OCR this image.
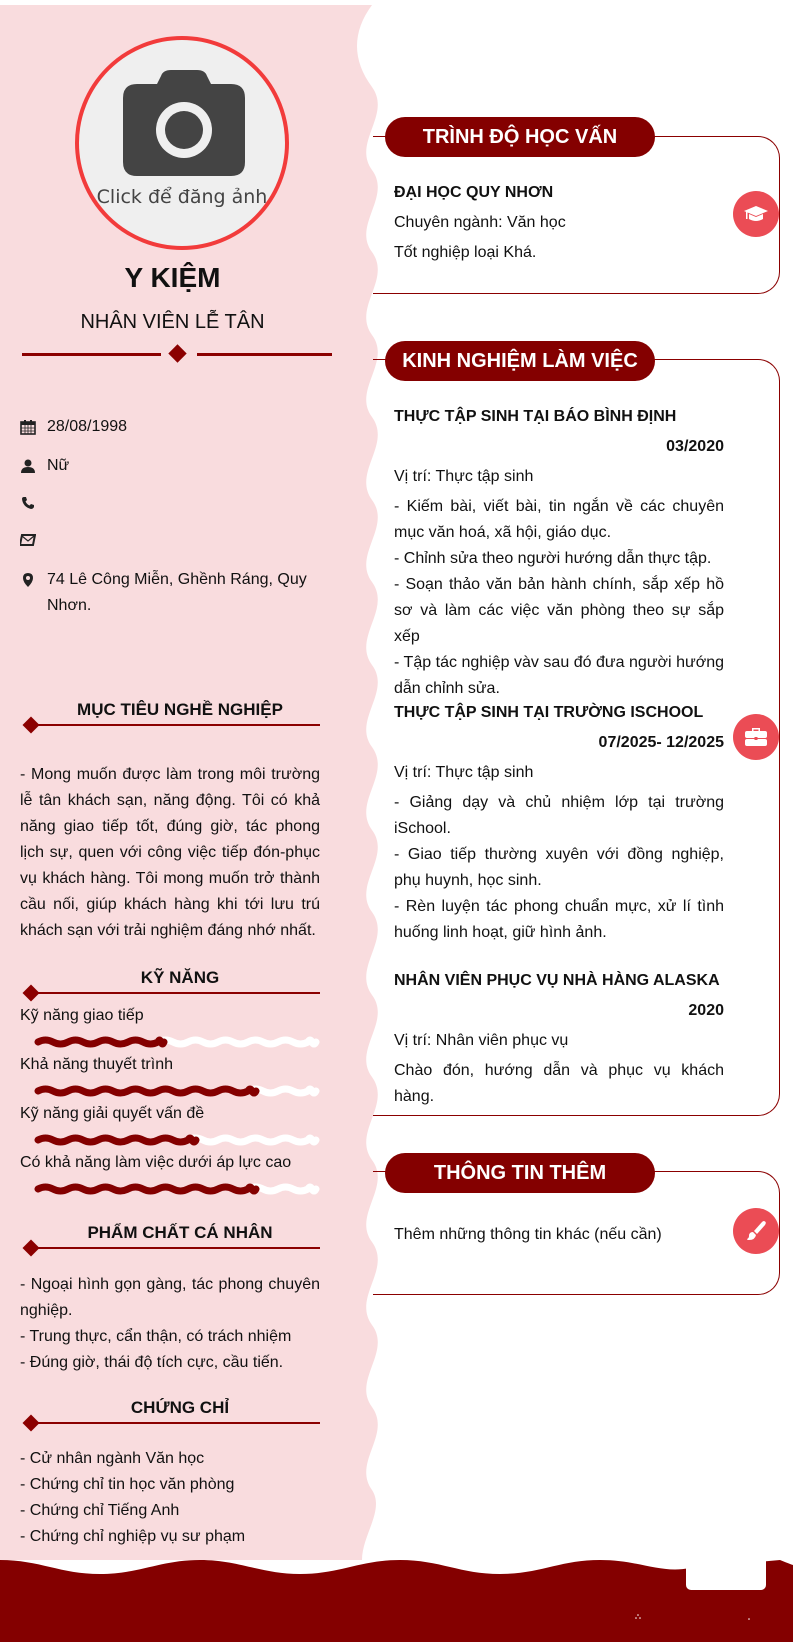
Click để đăng ảnh
Y KIỆM
NHÂN VIÊN LỄ TÂN
28/08/1998
Nữ
74 Lê Công Miễn, Ghềnh Ráng, Quy Nhơn.
MỤC TIÊU NGHỀ NGHIỆP
- Mong muốn được làm trong môi trường lễ tân khách sạn, năng động. Tôi có khả năng giao tiếp tốt, đúng giờ, tác phong lịch sự, quen với công việc tiếp đón-phục vụ khách hàng. Tôi mong muốn trở thành cầu nối, giúp khách hàng khi tới lưu trú khách sạn với trải nghiệm đáng nhớ nhất.
KỸ NĂNG
Kỹ năng giao tiếp
Khả năng thuyết trình
Kỹ năng giải quyết vấn đề
Có khả năng làm việc dưới áp lực cao
PHẨM CHẤT CÁ NHÂN

- Ngoại hình gọn gàng, tác phong chuyên nghiệp.

- Trung thực, cẩn thận, có trách nhiệm

- Đúng giờ, thái độ tích cực, cầu tiến.

CHỨNG CHỈ

- Cử nhân ngành Văn học

- Chứng chỉ tin học văn phòng

- Chứng chỉ Tiếng Anh

- Chứng chỉ nghiệp vụ sư phạm

TRÌNH ĐỘ HỌC VẤN

ĐẠI HỌC QUY NHƠN

Chuyên ngành: Văn học

Tốt nghiệp loại Khá.

KINH NGHIỆM LÀM VIỆC

THỰC TẬP SINH TẠI BÁO BÌNH ĐỊNH

03/2020

Vị trí: Thực tập sinh

- Kiếm bài, viết bài, tin ngắn về các chuyên mục văn hoá, xã hội, giáo dục.
- Chỉnh sửa theo người hướng dẫn thực tập.
- Soạn thảo văn bản hành chính, sắp xếp hồ sơ và làm các việc văn phòng theo sự sắp xếp
- Tập tác nghiệp vàv sau đó đưa người hướng dẫn chỉnh sửa.

THỰC TẬP SINH TẠI TRƯỜNG ISCHOOL

07/2025- 12/2025

Vị trí: Thực tập sinh

- Giảng dạy và chủ nhiệm lớp tại trường iSchool.
- Giao tiếp thường xuyên với đồng nghiệp, phụ huynh, học sinh.
- Rèn luyện tác phong chuẩn mực, xử lí tình huống linh hoạt, giữ hình ảnh.

NHÂN VIÊN PHỤC VỤ NHÀ HÀNG ALASKA

2020

Vị trí: Nhân viên phục vụ

Chào đón, hướng dẫn và phục vụ khách hàng.
THÔNG TIN THÊM

Thêm những thông tin khác (nếu cần)
